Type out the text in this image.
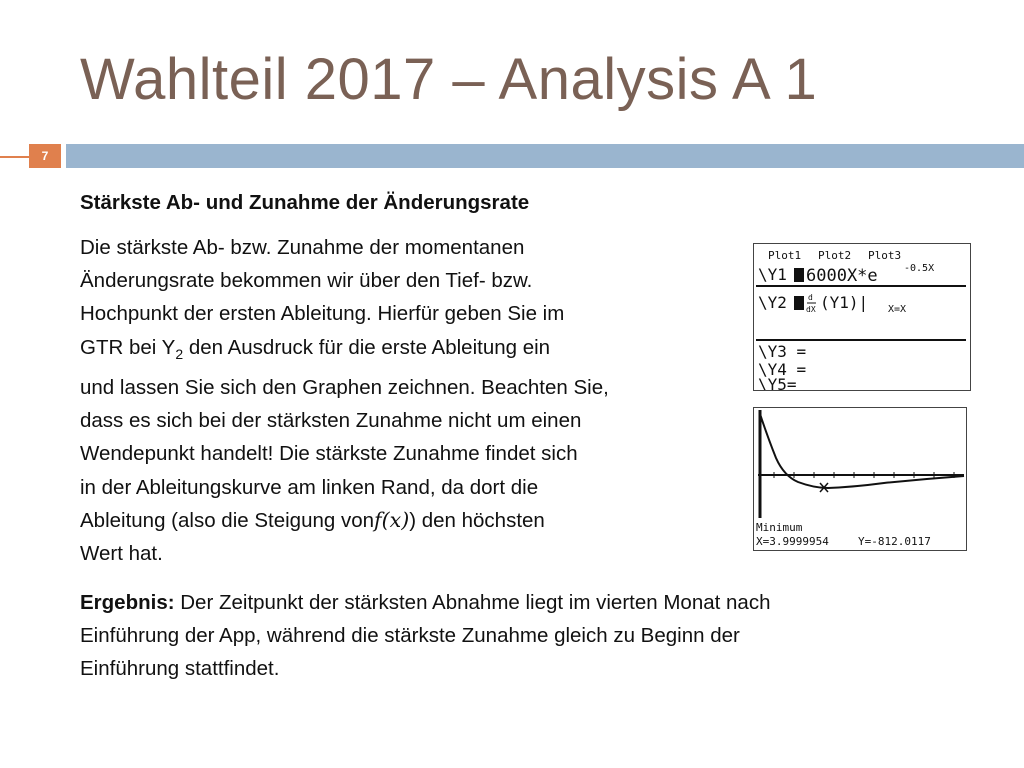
Wahlteil 2017 – Analysis A 1
7
Stärkste Ab- und Zunahme der Änderungsrate
Die stärkste Ab- bzw. Zunahme der momentanen
Änderungsrate bekommen wir über den Tief- bzw.
Hochpunkt der ersten Ableitung. Hierfür geben Sie im
GTR bei $Y_2$ den Ausdruck für die erste Ableitung ein
und lassen Sie sich den Graphen zeichnen. Beachten Sie,
dass es sich bei der stärksten Zunahme nicht um einen
Wendepunkt handelt! Die stärkste Zunahme findet sich
in der Ableitungskurve am linken Rand, da dort die
Ableitung (also die Steigung vonf(x)) den höchsten
Wert hat.
Ergebnis: Der Zeitpunkt der stärksten Abnahme liegt im vierten Monat nach
Einführung der App, während die stärkste Zunahme gleich zu Beginn der
Einführung stattfindet.
Plot1 Plot2 Plot3
\Y1 6000X*e	-0.5X
\Y2	d
dX (Y1)| X=X
\Y3 =
\Y4 =
\Y5=
Minimum
X=3.9999954	Y=-812.0117
